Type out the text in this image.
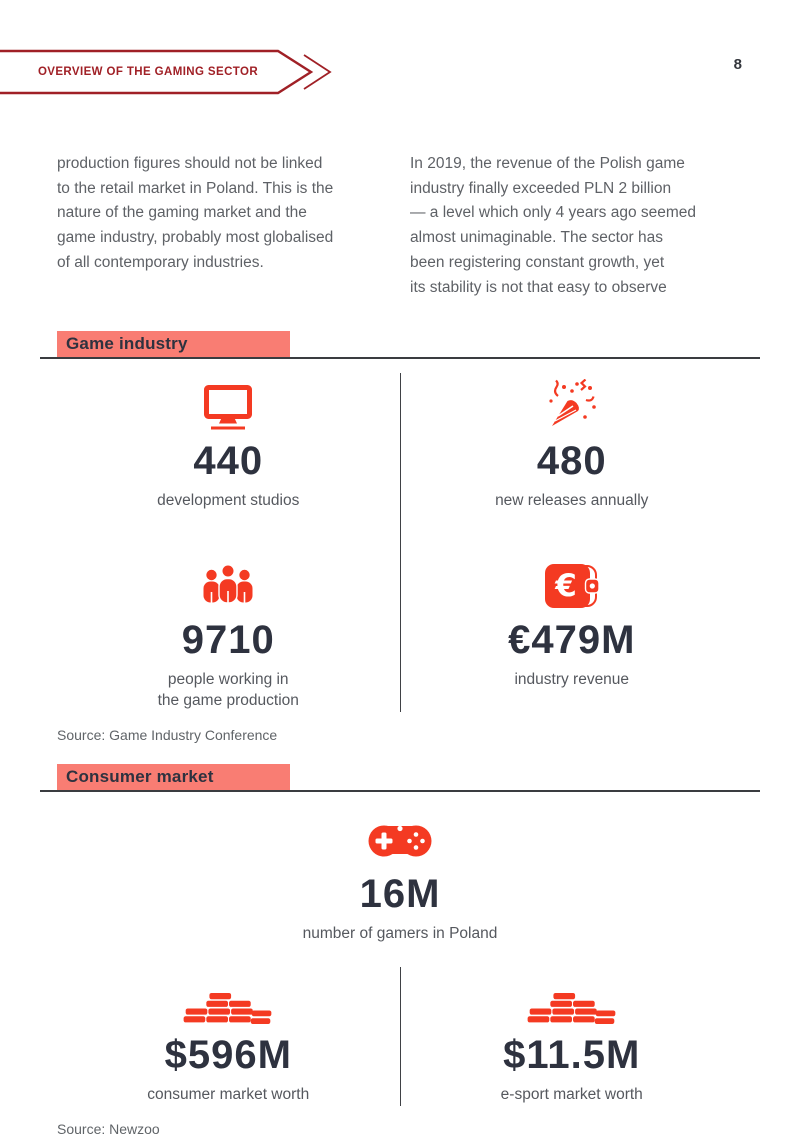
OVERVIEW OF THE GAMING SECTOR	8
production figures should not be linked
to the retail market in Poland. This is the
nature of the gaming market and the
game industry, probably most globalised
of all contemporary industries.
In 2019, the revenue of the Polish game
industry finally exceeded PLN 2 billion
— a level which only 4 years ago seemed
almost unimaginable. The sector has
been registering constant growth, yet
its stability is not that easy to observe
Game industry
440
development studios
9710
people working in the game production
480
new releases annually
€
€479M
industry revenue
Source: Game Industry Conference
Consumer market
16M
number of gamers in Poland
$596M
consumer market worth
$11.5M
e-sport market worth
Source: Newzoo
